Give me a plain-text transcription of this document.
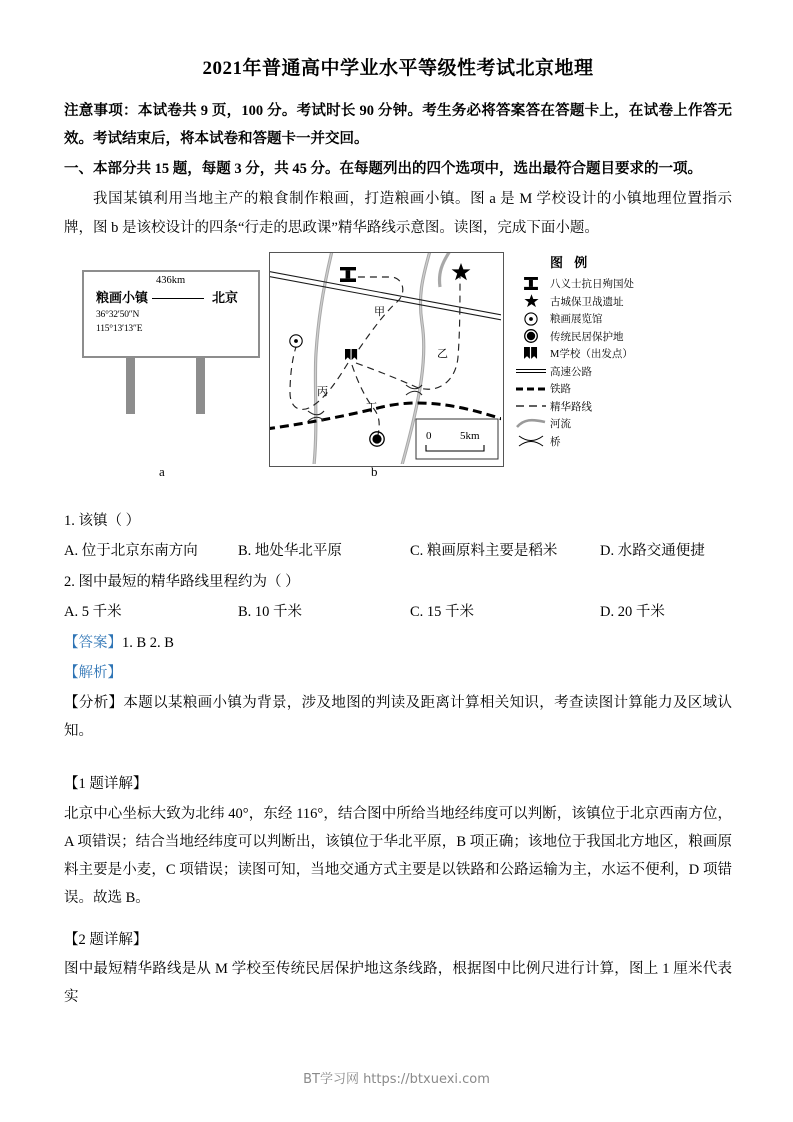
2021年普通高中学业水平等级性考试北京地理

注意事项：本试卷共 9 页，100 分。考试时长 90 分钟。考生务必将答案答在答题卡上，在试卷上作答无效。考试结束后，将本试卷和答题卡一并交回。

一、本部分共 15 题，每题 3 分，共 45 分。在每题列出的四个选项中，选出最符合题目要求的一项。

我国某镇利用当地主产的粮食制作粮画，打造粮画小镇。图 a 是 M 学校设计的小镇地理位置指示牌，图 b 是该校设计的四条“行走的思政课”精华路线示意图。读图，完成下面小题。

粮画小镇
436km
北京
36°32′50″N
115°13′13″E
a
甲
乙
丙
丁
0	5km
b
图 例
八义士抗日殉国处
古城保卫战遗址
粮画展览馆
传统民居保护地
M学校（出发点）
高速公路
铁路
精华路线
河流
桥

1. 该镇（ ）

A. 位于北京东南方向	B. 地处华北平原	C. 粮画原料主要是稻米	D. 水路交通便捷

2. 图中最短的精华路线里程约为（ ）

A. 5 千米	B. 10 千米	C. 15 千米	D. 20 千米

【答案】1. B 2. B

【解析】

【分析】本题以某粮画小镇为背景，涉及地图的判读及距离计算相关知识，考查读图计算能力及区域认知。

【1 题详解】

北京中心坐标大致为北纬 40°，东经 116°，结合图中所给当地经纬度可以判断，该镇位于北京西南方位，A 项错误；结合当地经纬度可以判断出，该镇位于华北平原，B 项正确；该地位于我国北方地区，粮画原料主要是小麦，C 项错误；读图可知，当地交通方式主要是以铁路和公路运输为主，水运不便利，D 项错误。故选 B。

【2 题详解】

图中最短精华路线是从 M 学校至传统民居保护地这条线路，根据图中比例尺进行计算，图上 1 厘米代表实

BT学习网 https://btxuexi.com
